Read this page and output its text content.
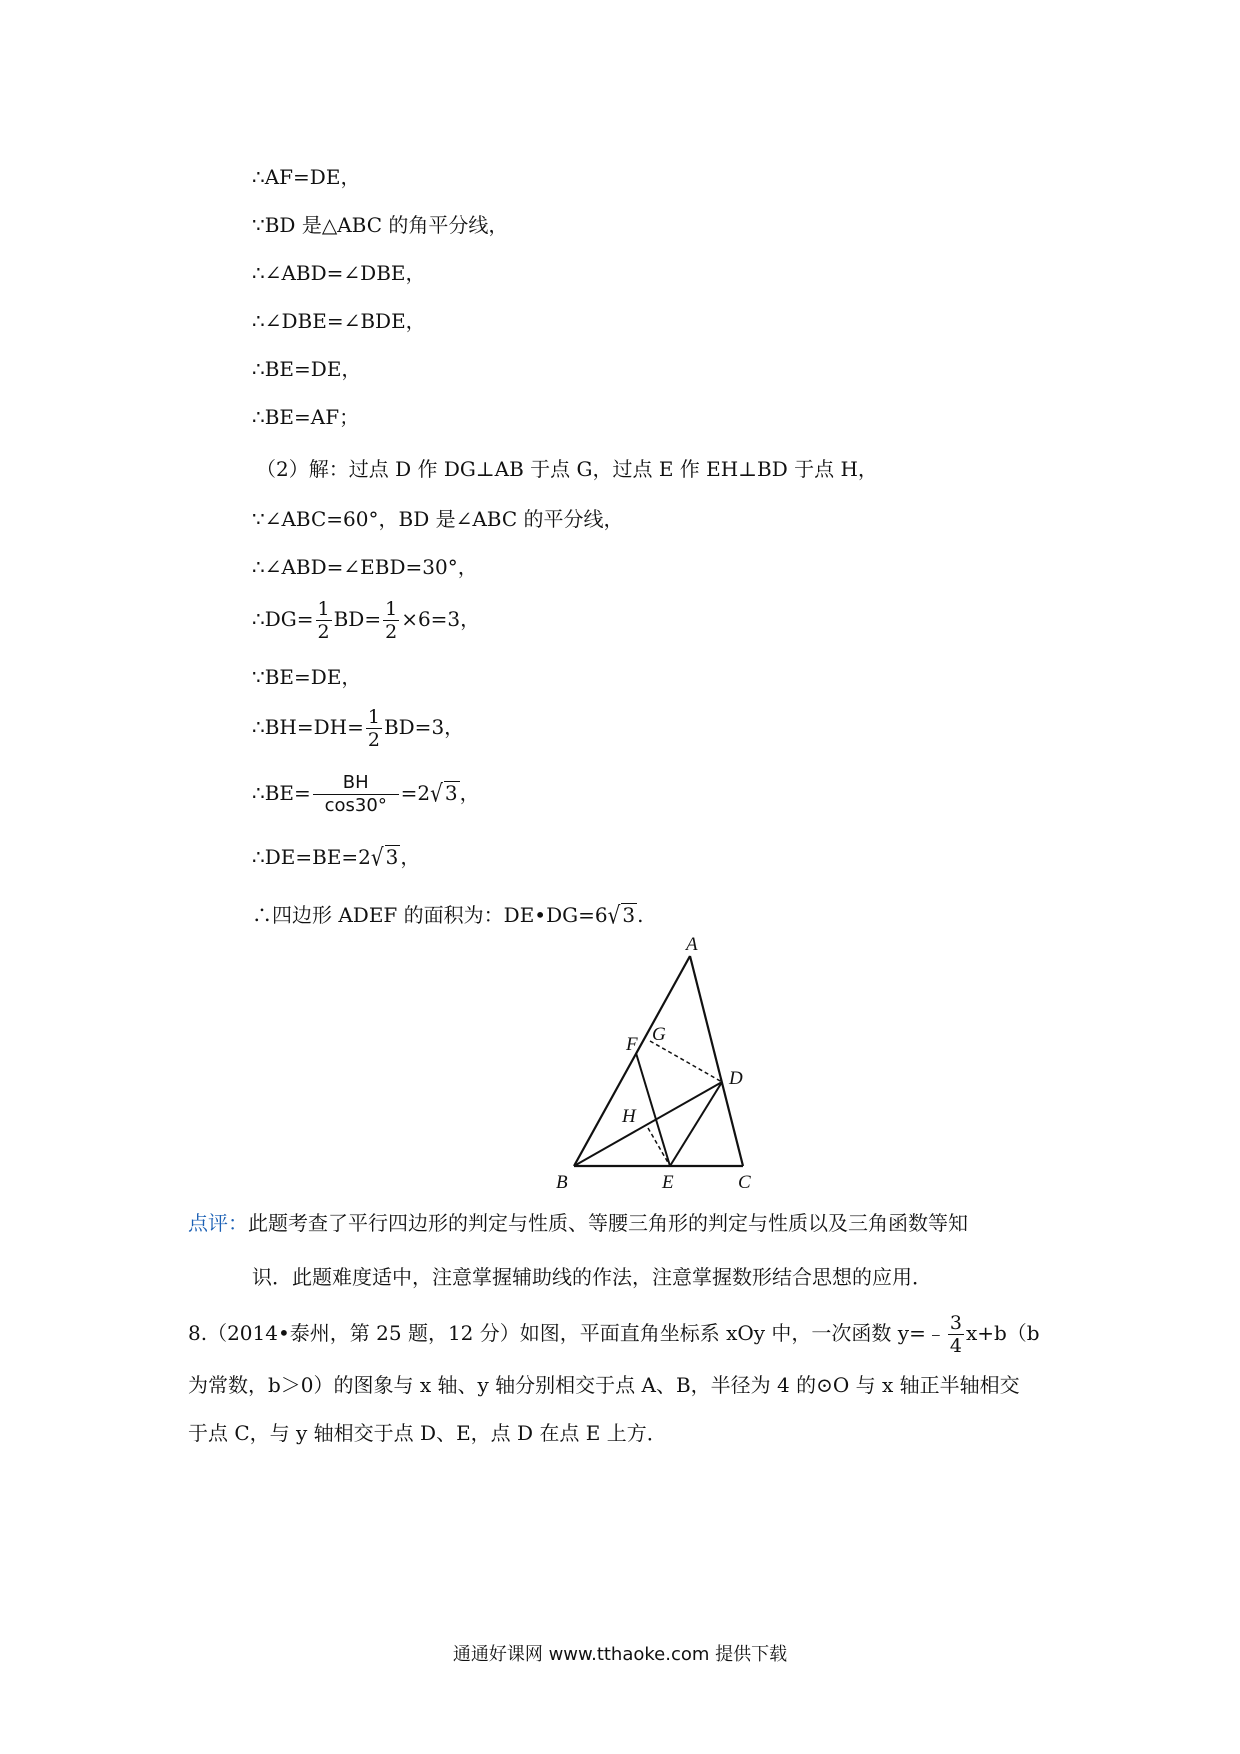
∴AF=DE，
∵BD 是△ABC 的角平分线，
∴∠ABD=∠DBE，
∴∠DBE=∠BDE，
∴BE=DE，
∴BE=AF；
（2）解：过点 D 作 DG⊥AB 于点 G，过点 E 作 EH⊥BD 于点 H，
∵∠ABC=60°，BD 是∠ABC 的平分线，
∴∠ABD=∠EBD=30°，
∴DG= $\frac{1}{2} BD= \frac{1}{2} \times 6=3$，
∵BE=DE，
∴BH=DH= $\frac{1}{2} BD=3$，
∴BE= $\frac{BH}{\cos 30^\circ} =2√$ 3 ，
∴DE=BE=2√ 3 ，
∴四边形 ADEF 的面积为：DE•DG=6√ 3 .
A
B	C
D
E
F G
H
点评：此题考查了平行四边形的判定与性质、等腰三角形的判定与性质以及三角函数等知
识．此题难度适中，注意掌握辅助线的作法，注意掌握数形结合思想的应用．
8.（2014•泰州，第 25 题，12 分）如图，平面直角坐标系 xOy 中，一次函数 y=﹣ $\frac{3}{4} x+b(b$
为常数，b＞0）的图象与 x 轴、y 轴分别相交于点 A、B，半径为 4 的⊙O 与 x 轴正半轴相交
于点 C，与 y 轴相交于点 D、E，点 D 在点 E 上方．
通通好课网 www.tthaoke.com 提供下载
